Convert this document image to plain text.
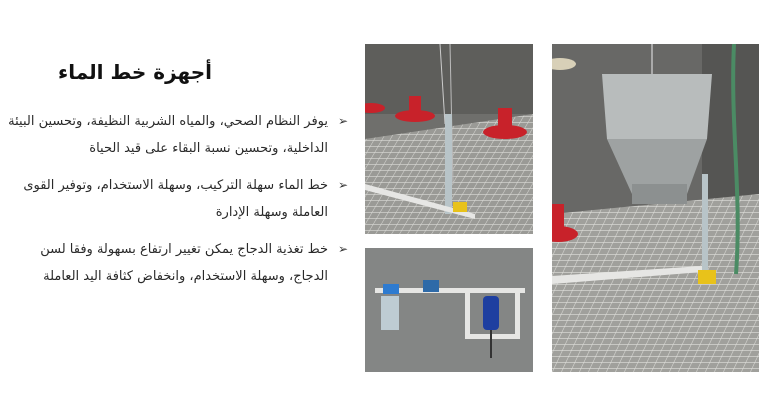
أجهزة خط الماء
➢
يوفر النظام الصحي، والمياه الشربية النظيفة، وتحسين البيئة الداخلية، وتحسين نسبة البقاء على قيد الحياة
➢
خط الماء سهلة التركيب، وسهلة الاستخدام، وتوفير القوى العاملة وسهلة الإدارة
➢
خط تغذية الدجاج يمكن تغيير ارتفاع بسهولة وفقا لسن الدجاج، وسهلة الاستخدام، وانخفاض كثافة اليد العاملة
